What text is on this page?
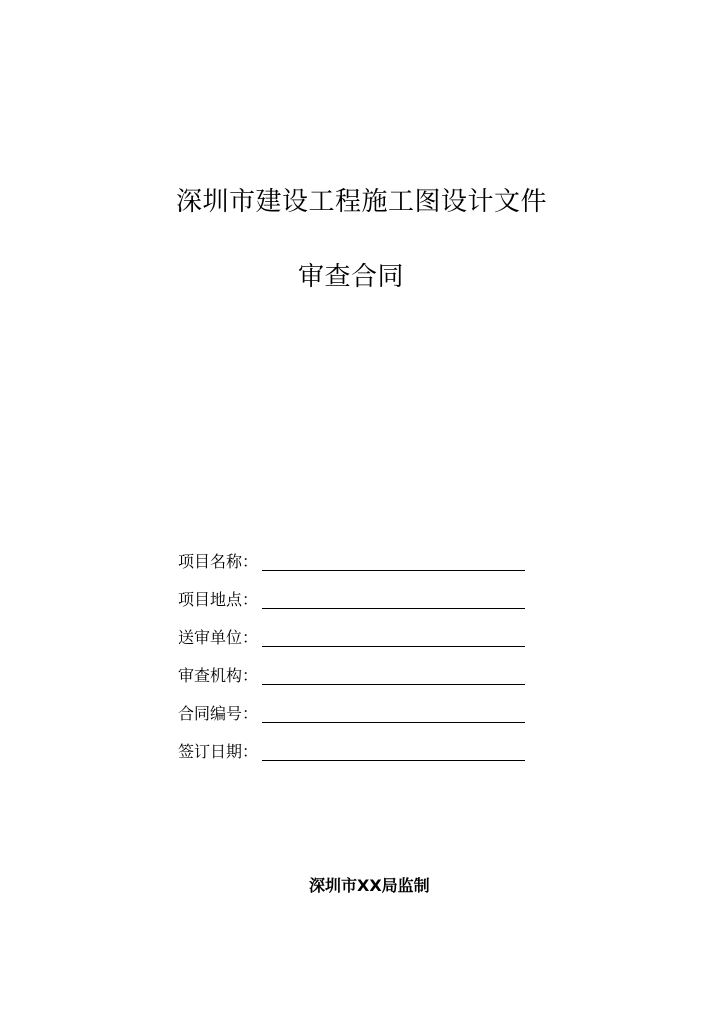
深圳市建设工程施工图设计文件
审查合同
项目名称：
项目地点：
送审单位：
审查机构：
合同编号：
签订日期：
深圳市XX局监制
